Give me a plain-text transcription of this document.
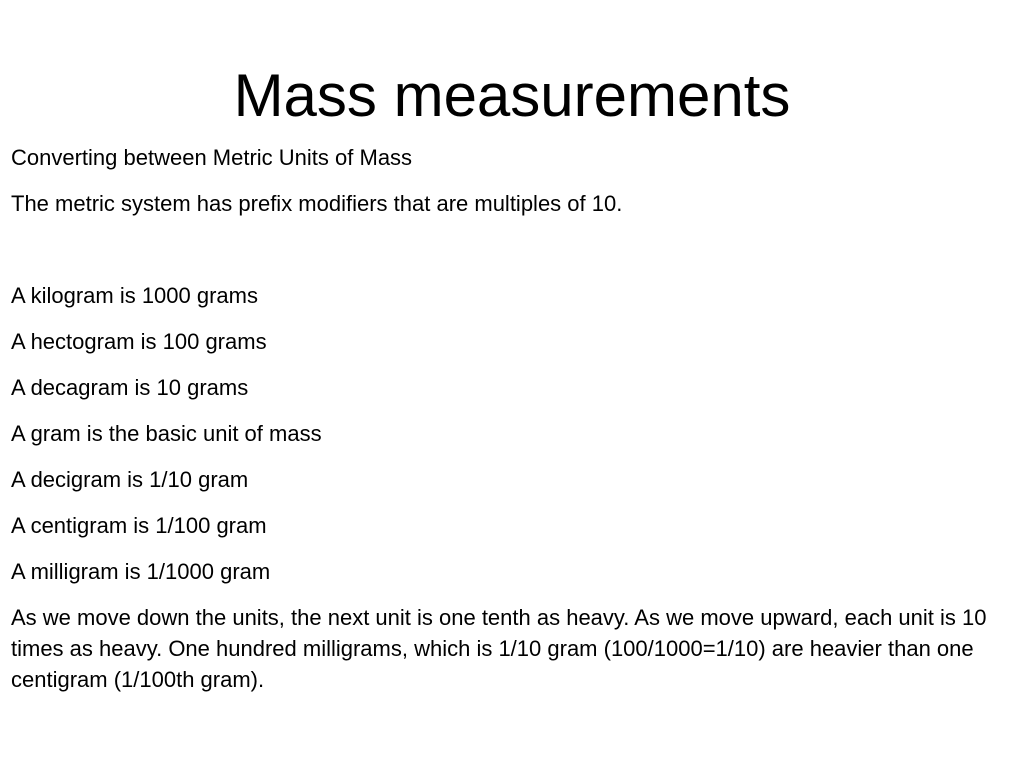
Mass measurements

Converting between Metric Units of Mass

The metric system has prefix modifiers that are multiples of 10.

A kilogram is 1000 grams

A hectogram is 100 grams

A decagram is 10 grams

A gram is the basic unit of mass

A decigram is 1/10 gram

A centigram is 1/100 gram

A milligram is 1/1000 gram

As we move down the units, the next unit is one tenth as heavy. As we move upward, each unit is 10 times as heavy. One hundred milligrams, which is 1/10 gram (100/1000=1/10) are heavier than one centigram (1/100th gram).
